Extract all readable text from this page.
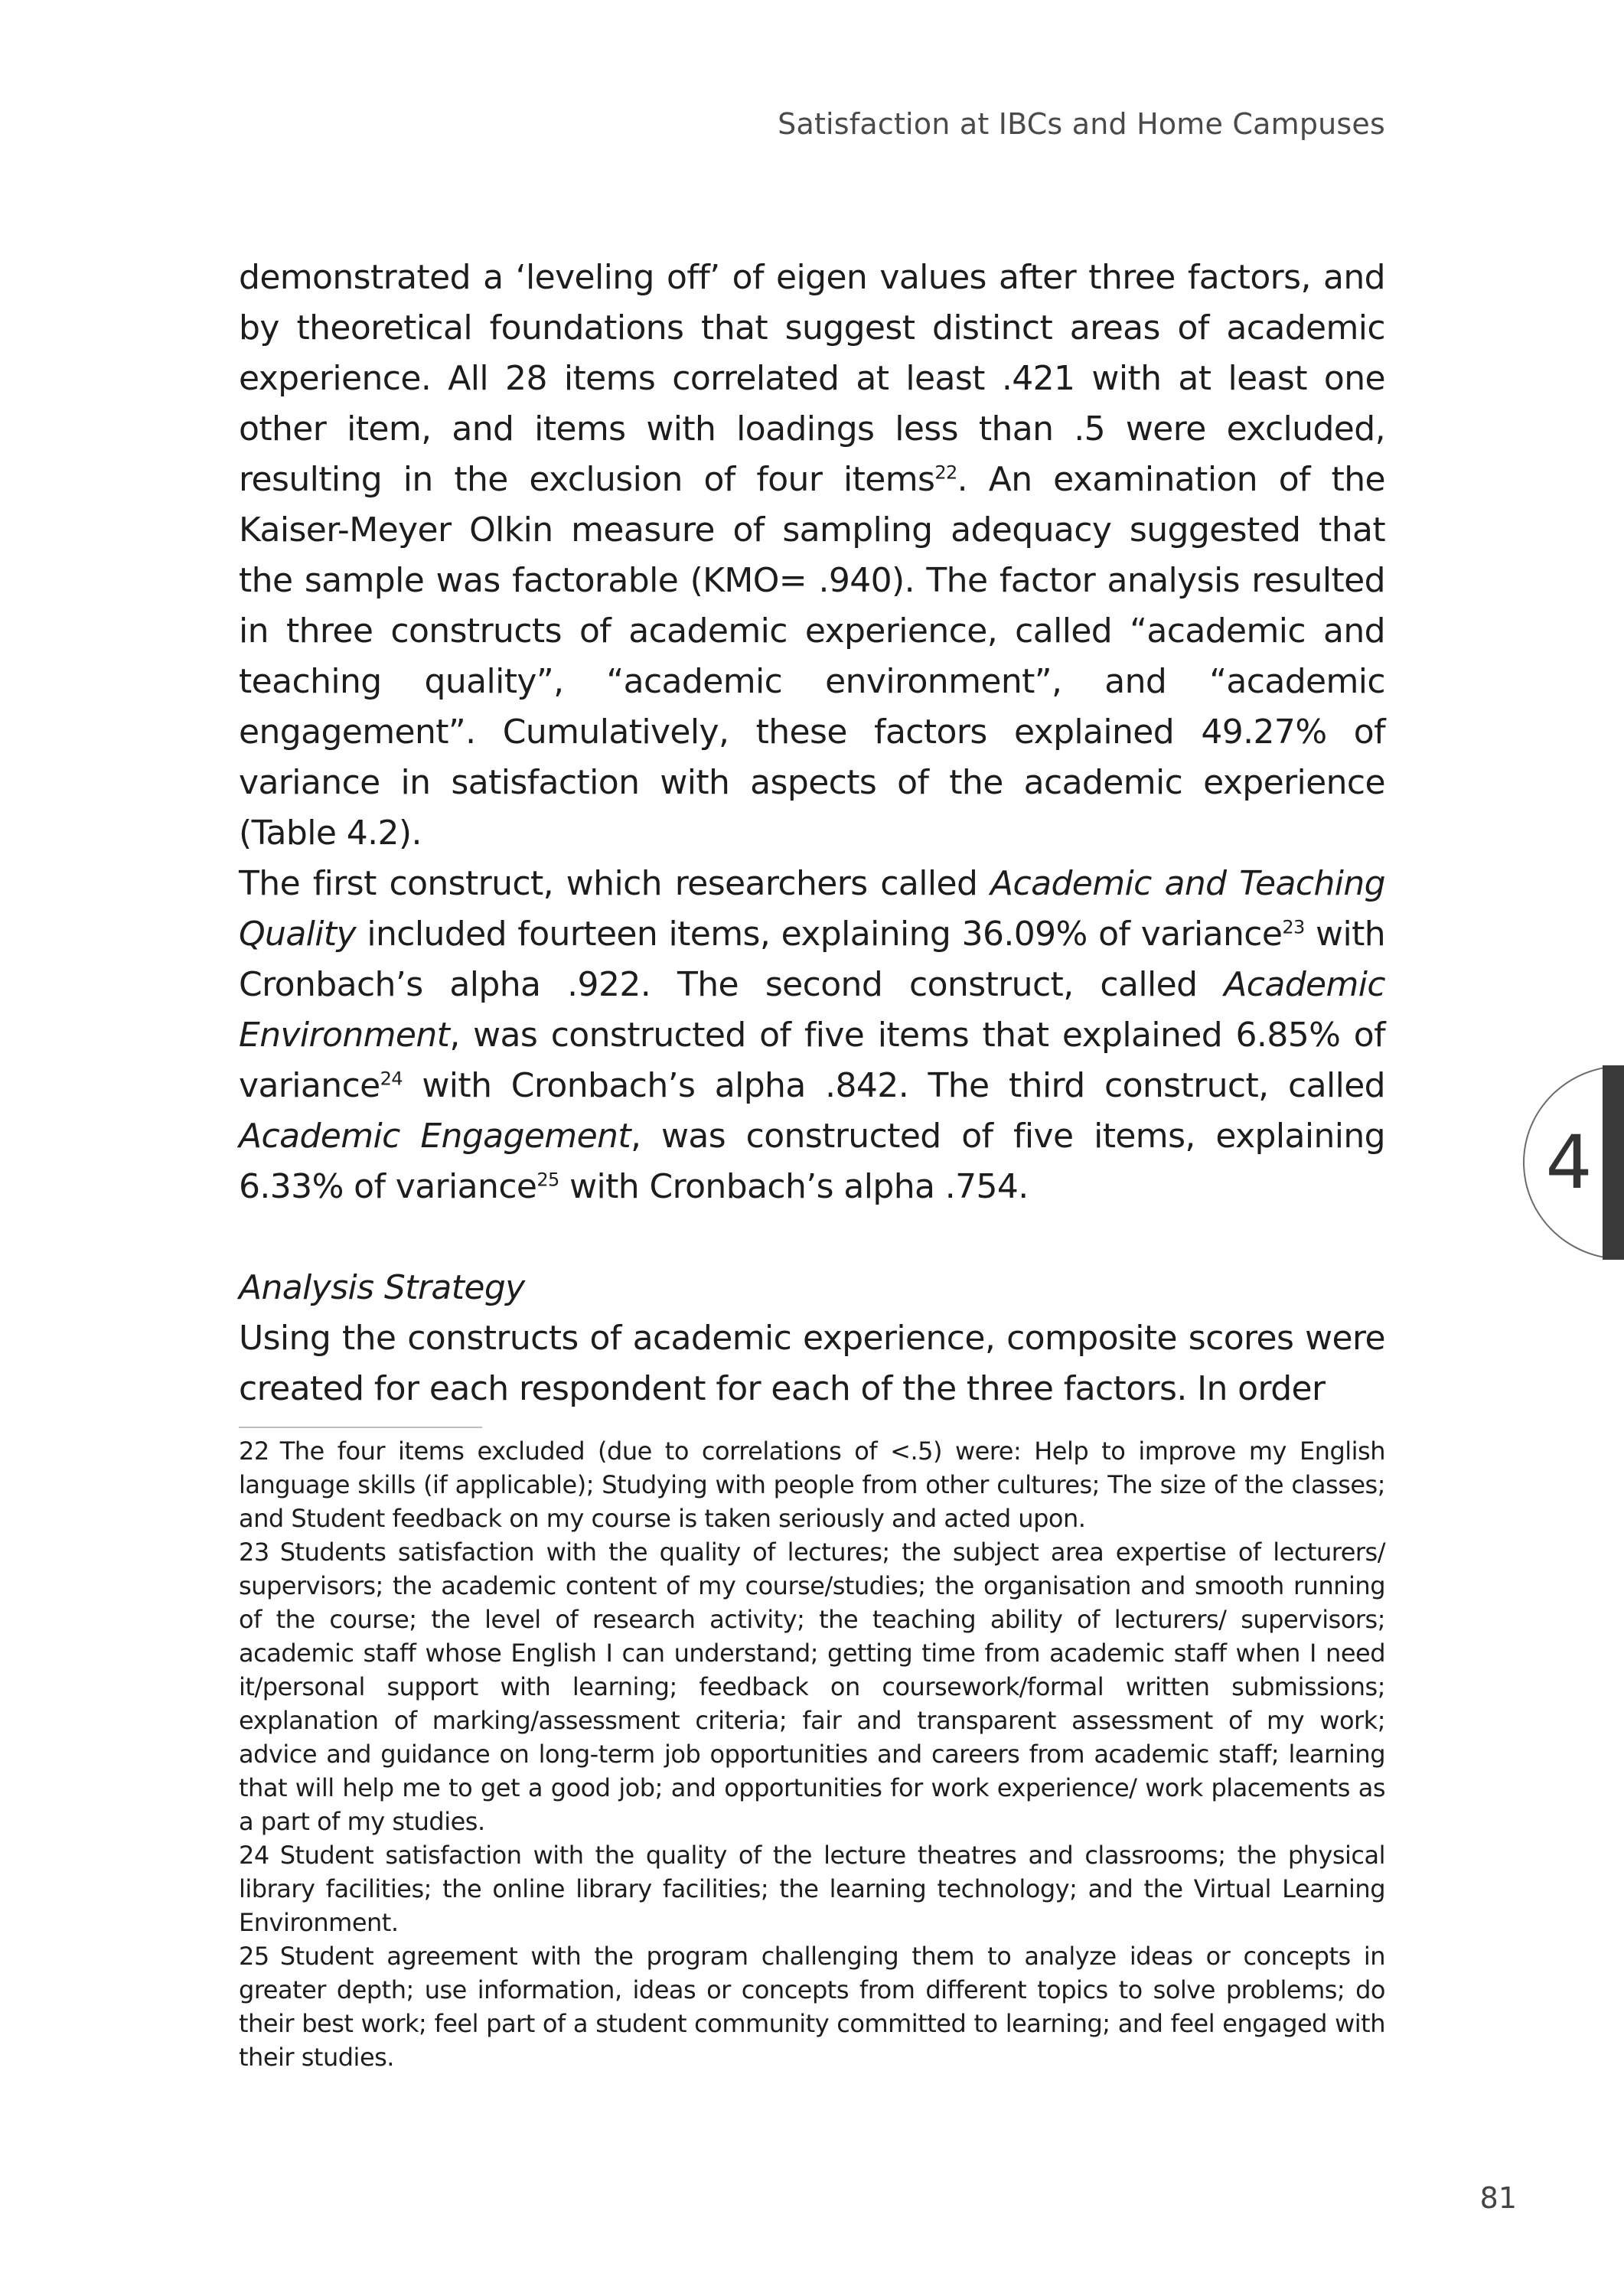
Satisfaction at IBCs and Home Campuses
4

demonstrated a ‘leveling off’ of eigen values after three factors, and by theoretical foundations that suggest distinct areas of academic experience. All 28 items correlated at least .421 with at least one other item, and items with loadings less than .5 were excluded, resulting in the exclusion of four items$^{22}$. An examination of the Kaiser-Meyer Olkin measure of sampling adequacy suggested that the sample was factorable (KMO= .940). The factor analysis resulted in three constructs of academic experience, called “academic and teaching quality”, “academic environment”, and “academic engagement”. Cumulatively, these factors explained 49.27% of variance in satisfaction with aspects of the academic experience (Table 4.2).

The first construct, which researchers called Academic and Teaching Quality included fourteen items, explaining 36.09% of variance$^{23}$ with Cronbach’s alpha .922. The second construct, called Academic Environment, was constructed of five items that explained 6.85% of variance$^{24}$ with Cronbach’s alpha .842. The third construct, called Academic Engagement, was constructed of five items, explaining 6.33% of variance$^{25}$ with Cronbach’s alpha .754.

Analysis Strategy

Using the constructs of academic experience, composite scores were created for each respondent for each of the three factors. In order

22 The four items excluded (due to correlations of <.5) were: Help to improve my English language skills (if applicable); Studying with people from other cultures; The size of the classes; and Student feedback on my course is taken seriously and acted upon.

23 Students satisfaction with the quality of lectures; the subject area expertise of lecturers/ supervisors; the academic content of my course/studies; the organisation and smooth running of the course; the level of research activity; the teaching ability of lecturers/ supervisors; academic staff whose English I can understand; getting time from academic staff when I need it/personal support with learning; feedback on coursework/formal written submissions; explanation of marking/assessment criteria; fair and transparent assessment of my work; advice and guidance on long-term job opportunities and careers from academic staff; learning that will help me to get a good job; and opportunities for work experience/ work placements as a part of my studies.

24 Student satisfaction with the quality of the lecture theatres and classrooms; the physical library facilities; the online library facilities; the learning technology; and the Virtual Learning Environment.

25 Student agreement with the program challenging them to analyze ideas or concepts in greater depth; use information, ideas or concepts from different topics to solve problems; do their best work; feel part of a student community committed to learning; and feel engaged with their studies.

81
